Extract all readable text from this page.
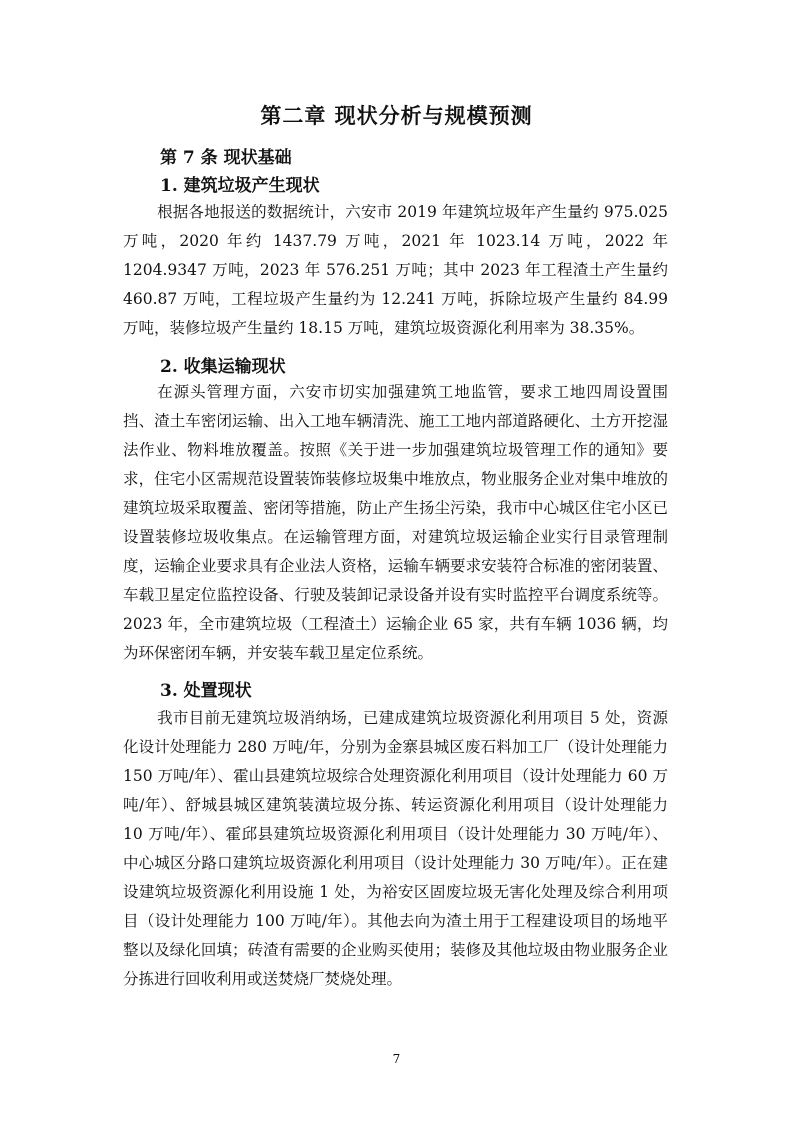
第二章 现状分析与规模预测
第 7 条 现状基础
1. 建筑垃圾产生现状

根据各地报送的数据统计，六安市 2019 年建筑垃圾年产生量约 975.025 万吨，2020 年约 1437.79 万吨，2021 年 1023.14 万吨，2022 年 1204.9347 万吨，2023 年 576.251 万吨；其中 2023 年工程渣土产生量约 460.87 万吨，工程垃圾产生量约为 12.241 万吨，拆除垃圾产生量约 84.99 万吨，装修垃圾产生量约 18.15 万吨，建筑垃圾资源化利用率为 38.35%。

2. 收集运输现状

在源头管理方面，六安市切实加强建筑工地监管，要求工地四周设置围挡、渣土车密闭运输、出入工地车辆清洗、施工工地内部道路硬化、土方开挖湿法作业、物料堆放覆盖。按照《关于进一步加强建筑垃圾管理工作的通知》要求，住宅小区需规范设置装饰装修垃圾集中堆放点，物业服务企业对集中堆放的建筑垃圾采取覆盖、密闭等措施，防止产生扬尘污染，我市中心城区住宅小区已设置装修垃圾收集点。在运输管理方面，对建筑垃圾运输企业实行目录管理制度，运输企业要求具有企业法人资格，运输车辆要求安装符合标准的密闭装置、车载卫星定位监控设备、行驶及装卸记录设备并设有实时监控平台调度系统等。2023 年，全市建筑垃圾（工程渣土）运输企业 65 家，共有车辆 1036 辆，均为环保密闭车辆，并安装车载卫星定位系统。

3. 处置现状

我市目前无建筑垃圾消纳场，已建成建筑垃圾资源化利用项目 5 处，资源化设计处理能力 280 万吨/年，分别为金寨县城区废石料加工厂（设计处理能力 150 万吨/年）、霍山县建筑垃圾综合处理资源化利用项目（设计处理能力 60 万吨/年）、舒城县城区建筑装潢垃圾分拣、转运资源化利用项目（设计处理能力 10 万吨/年）、霍邱县建筑垃圾资源化利用项目（设计处理能力 30 万吨/年）、中心城区分路口建筑垃圾资源化利用项目（设计处理能力 30 万吨/年）。正在建设建筑垃圾资源化利用设施 1 处，为裕安区固废垃圾无害化处理及综合利用项目（设计处理能力 100 万吨/年）。其他去向为渣土用于工程建设项目的场地平整以及绿化回填；砖渣有需要的企业购买使用；装修及其他垃圾由物业服务企业分拣进行回收利用或送焚烧厂焚烧处理。

7
